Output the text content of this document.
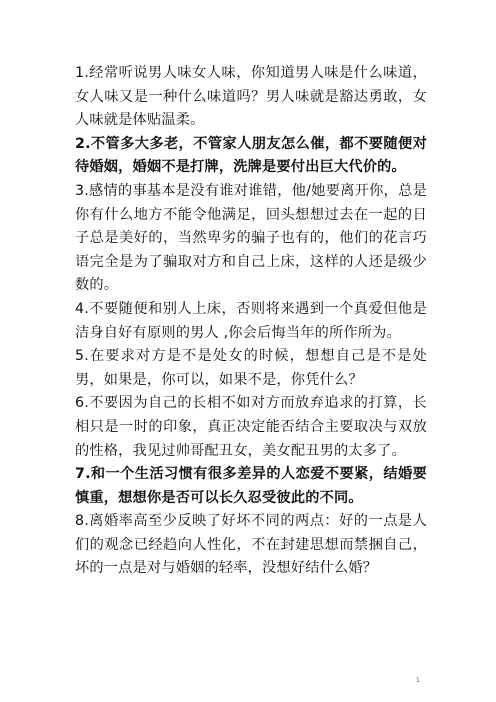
1.经常听说男人味女人味，你知道男人味是什么味道，女人味又是一种什么味道吗？男人味就是豁达勇敢，女人味就是体贴温柔。

2.不管多大多老，不管家人朋友怎么催，都不要随便对待婚姻，婚姻不是打牌，洗牌是要付出巨大代价的。

3.感情的事基本是没有谁对谁错，他/她要离开你，总是你有什么地方不能令他满足，回头想想过去在一起的日子总是美好的，当然卑劣的骗子也有的，他们的花言巧语完全是为了骗取对方和自己上床，这样的人还是级少数的。

4.不要随便和别人上床，否则将来遇到一个真爱但他是洁身自好有原则的男人 ,你会后悔当年的所作所为。

5.在要求对方是不是处女的时候，想想自己是不是处男，如果是，你可以，如果不是，你凭什么？

6.不要因为自己的长相不如对方而放弃追求的打算，长相只是一时的印象，真正决定能否结合主要取决与双放的性格，我见过帅哥配丑女，美女配丑男的太多了。

7.和一个生活习惯有很多差异的人恋爱不要紧，结婚要慎重，想想你是否可以长久忍受彼此的不同。

8.离婚率高至少反映了好坏不同的两点：好的一点是人们的观念已经趋向人性化，不在封建思想而禁捆自己，坏的一点是对与婚姻的轻率，没想好结什么婚？

1
